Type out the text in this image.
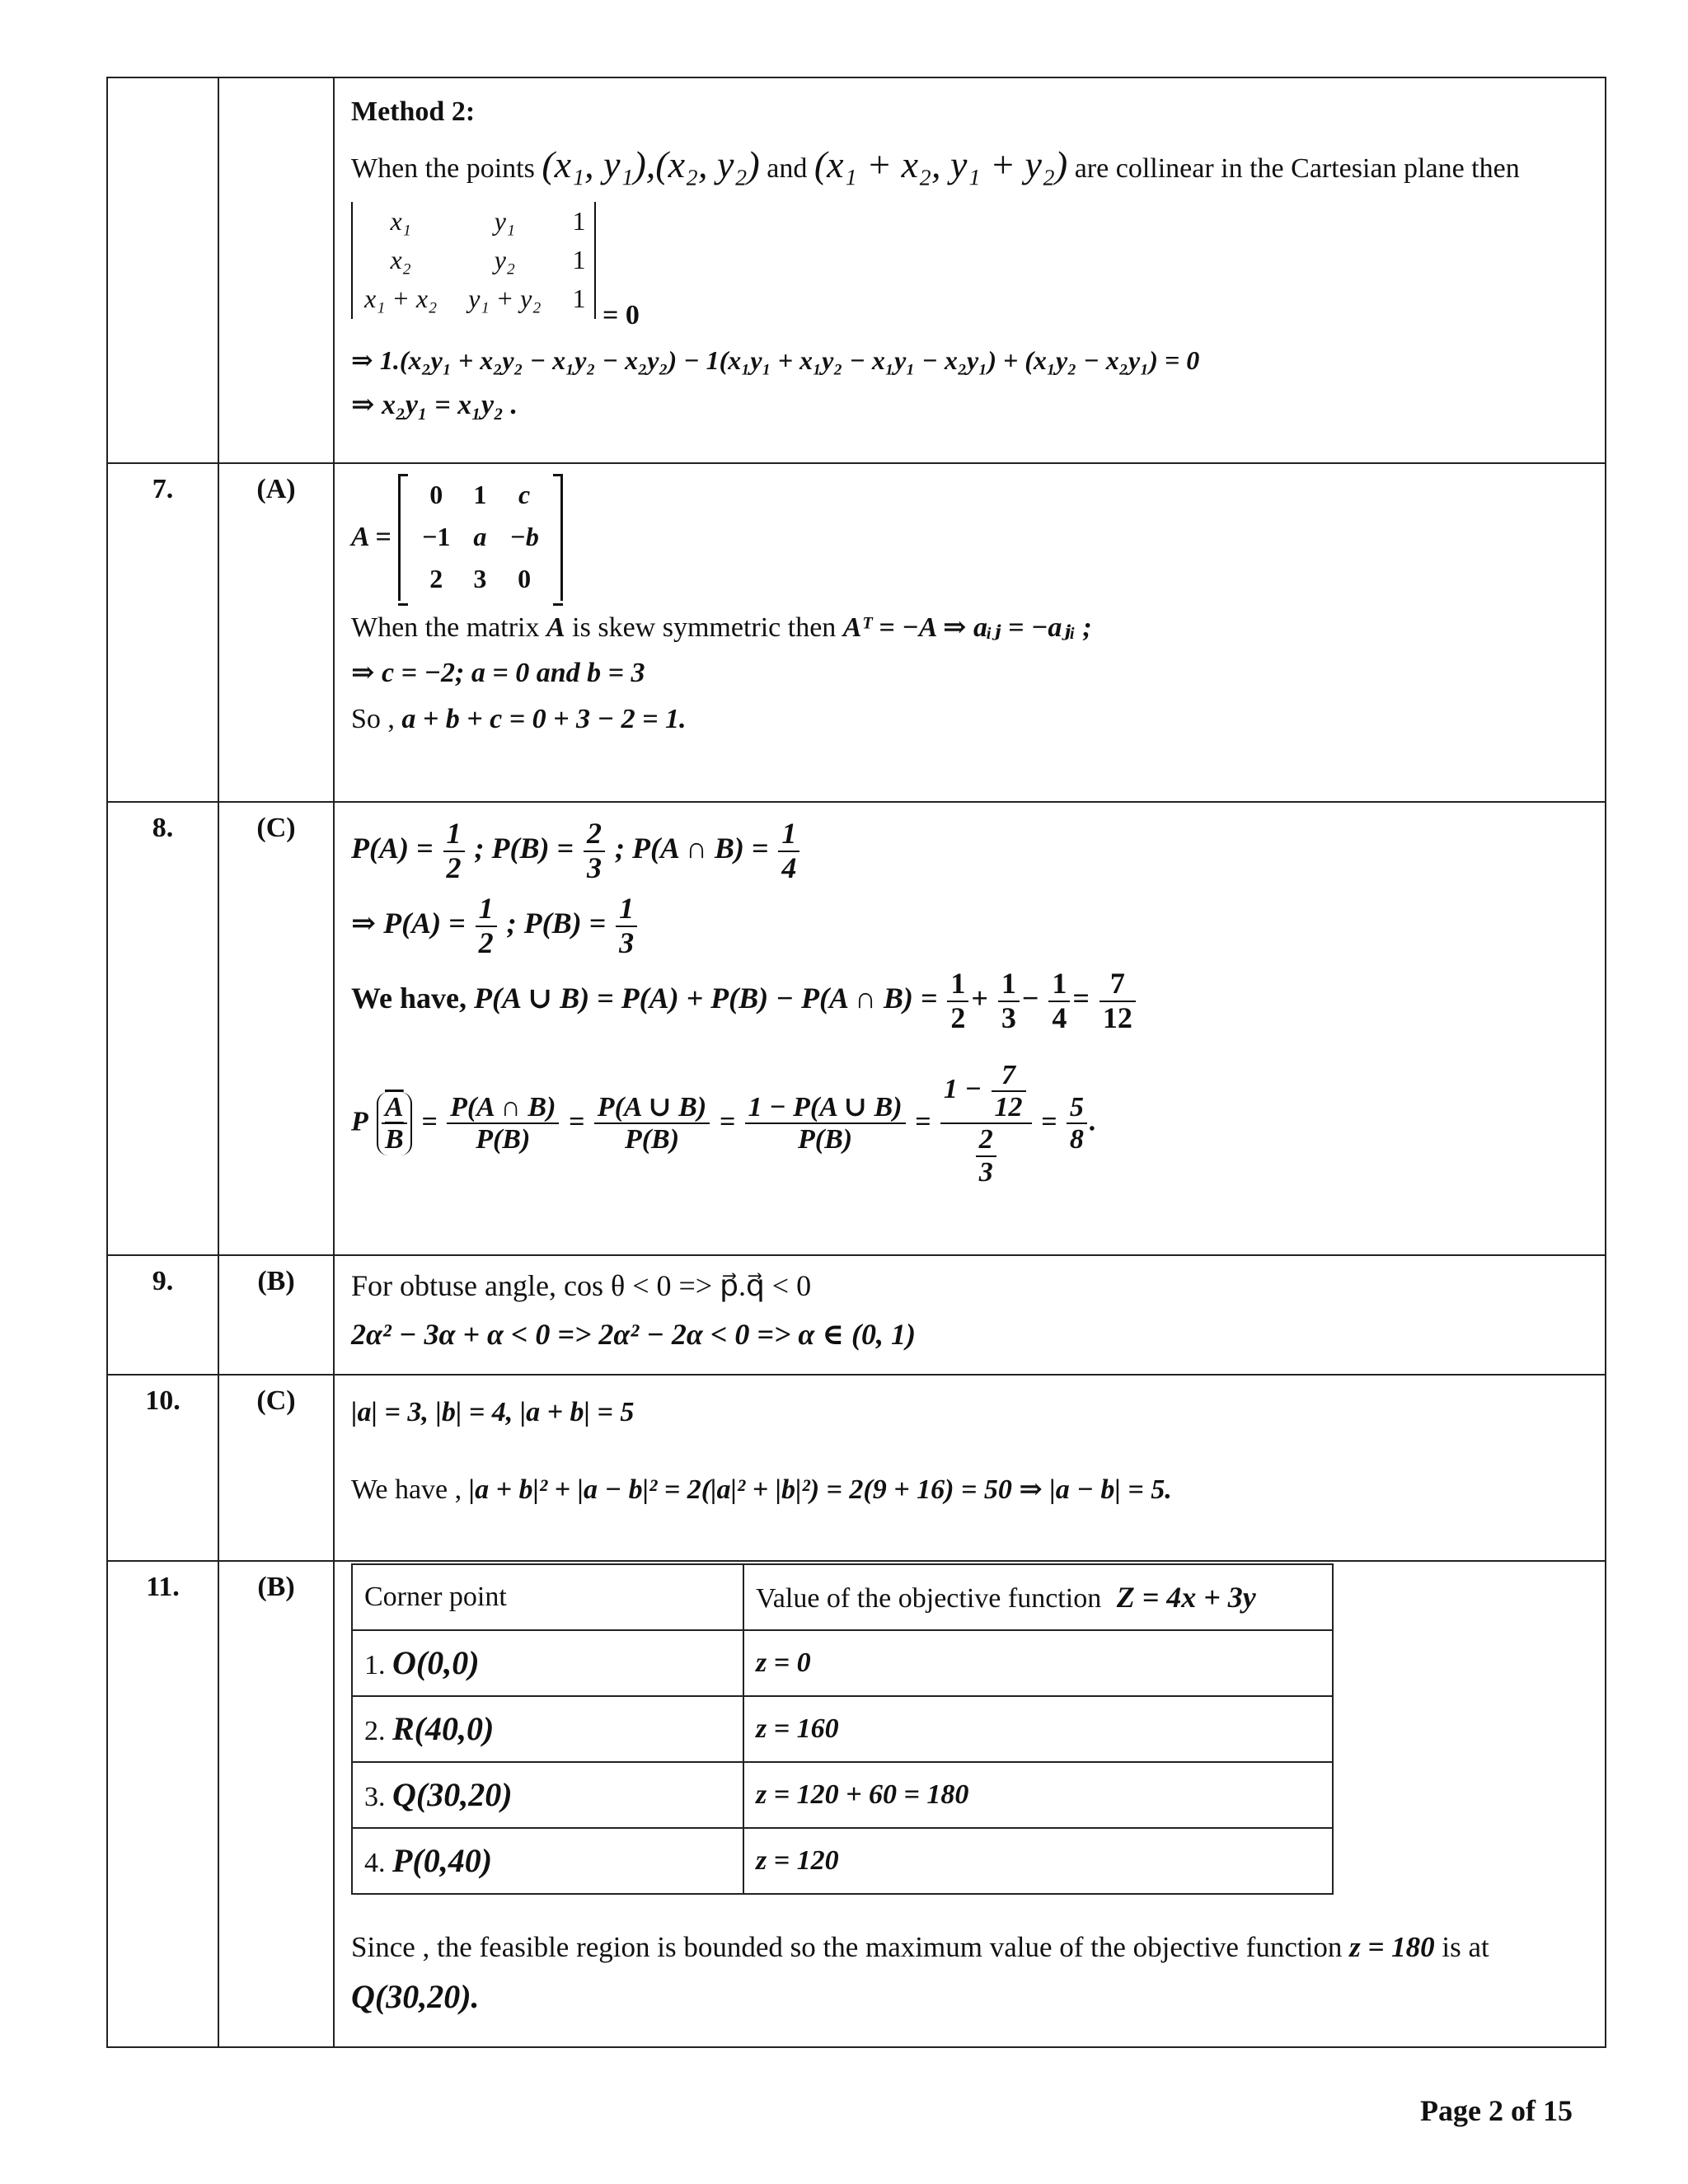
Method 2:
When the points (x₁, y₁),(x₂, y₂) and (x₁ + x₂, y₁ + y₂) are collinear in the Cartesian plane then
x₁	y₁	1
x₂	y₂	1
x₁ + x₂	y₁ + y₂	1
= 0
⇒ 1.(x₂y₁ + x₂y₂ − x₁y₂ − x₂y₂) − 1(x₁y₁ + x₁y₂ − x₁y₁ − x₂y₁) + (x₁y₂ − x₂y₁) = 0
⇒ x₂y₁ = x₁y₂ .

7.	(A)	
A =
0	1	c
−1	a	−b
2	3	0
When the matrix A is skew symmetric then Aᵀ = −A ⇒ aᵢⱼ = −aⱼᵢ ;
⇒ c = −2; a = 0 and b = 3
So , a + b + c = 0 + 3 − 2 = 1.

8.	(C)	
$P(A) = \frac{1}{2}$ ; $P(B) = \frac{2}{3}$ ; P(A ∩ $B) = \frac{1}{4}$
⇒ $P(A) = \frac{1}{2}$ ; $P(B) = \frac{1}{3}$
We have, P(A ∪ B) = P(A) + P(B) − P(A ∩ $B) = \frac{1}{2} + \frac{1}{3} - \frac{1}{4} = \frac{7}{12}$
P $\frac{\overline{A}}{B} = \frac{P(A \cap B)}{P(B)} = \frac{P(A \cup B)}{P(B)} = \frac{1 - P(A \cup B)}{P(B)} = \frac{1 - \frac{7}{12}}{\frac{2}{3}} = \frac{5}{8}$ .

9.	(B)	For obtuse angle, cos θ < 0 => p⃗.q⃗ < 0
2α² − 3α + α < 0 => 2α² − 2α < 0 => α ∈ (0, 1)

10.	(C)	|a| = 3, |b| = 4, |a + b| = 5
We have , |a + b|² + |a − b|² = 2(|a|² + |b|²) = 2(9 + 16) = 50 ⇒ |a − b| = 5.

11.	(B)	Corner point	Value of the objective function Z = 4x + 3y
1. O(0,0)	z = 0
2. R(40,0)	z = 160
3. Q(30,20)	z = 120 + 60 = 180
4. P(0,40)	z = 120
Since , the feasible region is bounded so the maximum value of the objective function z = 180 is at
Q(30,20).
Page 2 of 15
